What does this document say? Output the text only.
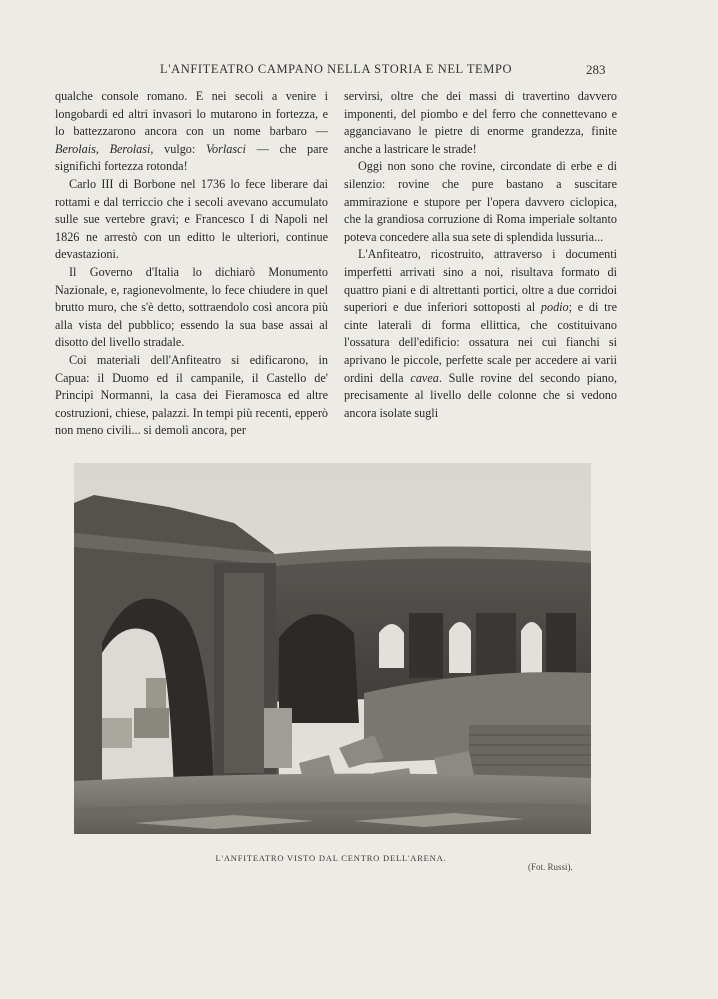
L'ANFITEATRO CAMPANO NELLA STORIA E NEL TEMPO	283

qualche console romano. E nei secoli a venire i longobardi ed altri invasori lo mutarono in fortezza, e lo battezzarono ancora con un nome barbaro — Berolais, Berolasi, vulgo: Vorlasci — che pare significhi fortezza rotonda!

Carlo III di Borbone nel 1736 lo fece liberare dai rottami e dal terriccio che i secoli avevano accumulato sulle sue vertebre gravi; e Francesco I di Napoli nel 1826 ne arrestò con un editto le ulteriori, continue devastazioni.

Il Governo d'Italia lo dichiarò Monumento Nazionale, e, ragionevolmente, lo fece chiudere in quel brutto muro, che s'è detto, sottraendolo così ancora più alla vista del pubblico; essendo la sua base assai al disotto del livello stradale.

Coi materiali dell'Anfiteatro si edificarono, in Capua: il Duomo ed il campanile, il Castello de' Principi Normanni, la casa dei Fieramosca ed altre costruzioni, chiese, palazzi. In tempi più recenti, epperò non meno civili... si demolì ancora, per

servirsi, oltre che dei massi di travertino davvero imponenti, del piombo e del ferro che connettevano e agganciavano le pietre di enorme grandezza, finite anche a lastricare le strade!

Oggi non sono che rovine, circondate di erbe e di silenzio: rovine che pure bastano a suscitare ammirazione e stupore per l'opera davvero ciclopica, che la grandiosa corruzione di Roma imperiale soltanto poteva concedere alla sua sete di splendida lussuria...

L'Anfiteatro, ricostruito, attraverso i documenti imperfetti arrivati sino a noi, risultava formato di quattro piani e di altrettanti portici, oltre a due corridoi superiori e due inferiori sottoposti al podio; e di tre cinte laterali di forma ellittica, che costituivano l'ossatura dell'edificio: ossatura nei cui fianchi si aprivano le piccole, perfette scale per accedere ai varii ordini della cavea. Sulle rovine del secondo piano, precisamente al livello delle colonne che si vedono ancora isolate sugli

L'ANFITEATRO VISTO DAL CENTRO DELL'ARENA.
(Fot. Russi).
